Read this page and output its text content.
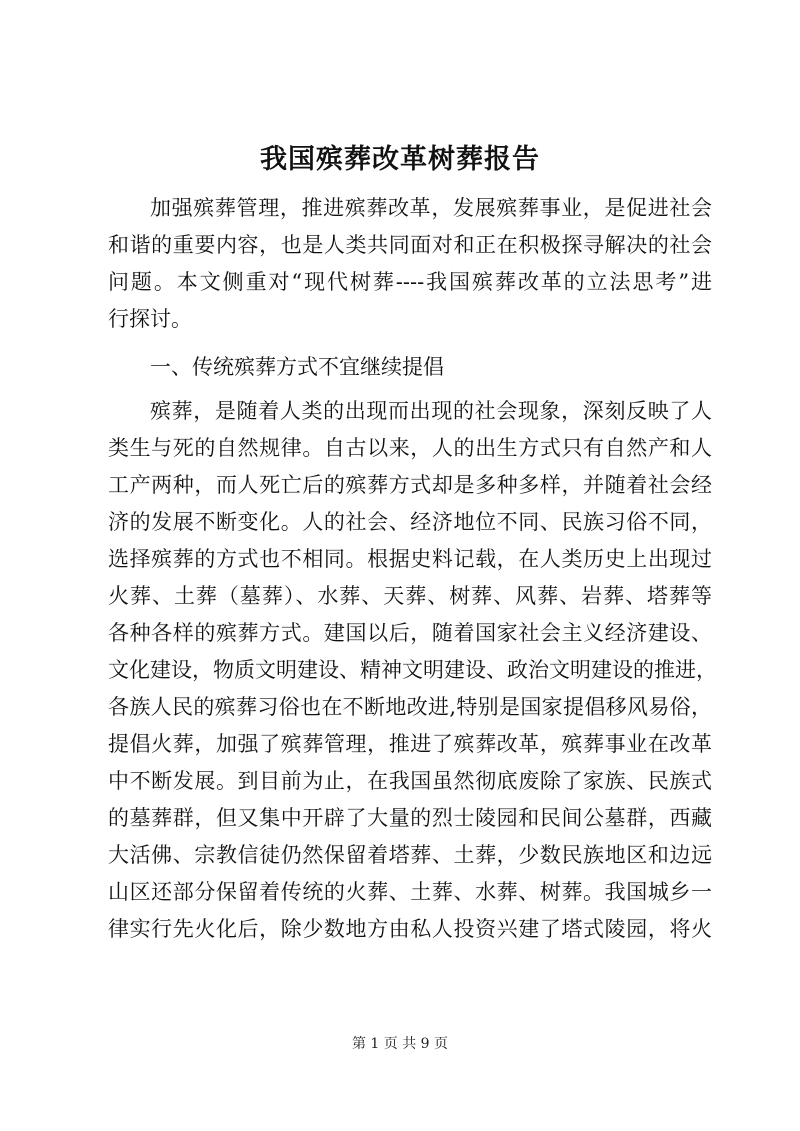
我国殡葬改革树葬报告
加强殡葬管理，推进殡葬改革，发展殡葬事业，是促进社会
和谐的重要内容，也是人类共同面对和正在积极探寻解决的社会
问题。本文侧重对“现代树葬----我国殡葬改革的立法思考”进
行探讨。
一、传统殡葬方式不宜继续提倡
殡葬，是随着人类的出现而出现的社会现象，深刻反映了人
类生与死的自然规律。自古以来，人的出生方式只有自然产和人
工产两种，而人死亡后的殡葬方式却是多种多样，并随着社会经
济的发展不断变化。人的社会、经济地位不同、民族习俗不同，
选择殡葬的方式也不相同。根据史料记载，在人类历史上出现过
火葬、土葬（墓葬）、水葬、天葬、树葬、风葬、岩葬、塔葬等
各种各样的殡葬方式。建国以后，随着国家社会主义经济建设、
文化建设，物质文明建设、精神文明建设、政治文明建设的推进，
各族人民的殡葬习俗也在不断地改进,特别是国家提倡移风易俗，
提倡火葬，加强了殡葬管理，推进了殡葬改革，殡葬事业在改革
中不断发展。到目前为止，在我国虽然彻底废除了家族、民族式
的墓葬群，但又集中开辟了大量的烈士陵园和民间公墓群，西藏
大活佛、宗教信徒仍然保留着塔葬、土葬，少数民族地区和边远
山区还部分保留着传统的火葬、土葬、水葬、树葬。我国城乡一
律实行先火化后，除少数地方由私人投资兴建了塔式陵园，将火
第 1 页 共 9 页
